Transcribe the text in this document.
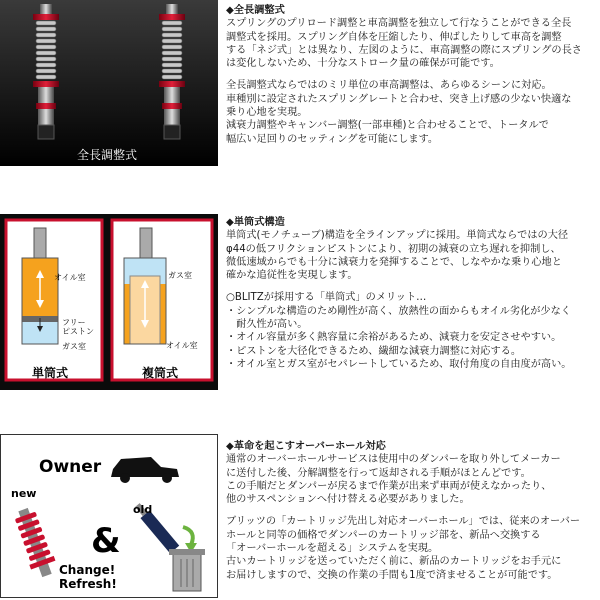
全長調整式

◆全長調整式

スプリングのプリロード調整と車高調整を独立して行なうことができる全長

調整式を採用。スプリング自体を圧縮したり、伸ばしたりして車高を調整

する「ネジ式」とは異なり、左図のように、車高調整の際にスプリングの長さ

は変化しないため、十分なストローク量の確保が可能です。

全長調整式ならではのミリ単位の車高調整は、あらゆるシーンに対応。

車種別に設定されたスプリングレートと合わせ、突き上げ感の少ない快適な

乗り心地を実現。

減衰力調整やキャンバー調整(一部車種)と合わせることで、トータルで

幅広い足回りのセッティングを可能にします。

オイル室
フリー
ピストン
ガス室
ガス室
オイル室
単筒式	複筒式

◆単筒式構造

単筒式(モノチューブ)構造を全ラインアップに採用。単筒式ならではの大径

φ44の低フリクションピストンにより、初期の減衰の立ち遅れを抑制し、

微低速域からでも十分に減衰力を発揮することで、しなやかな乗り心地と

確かな追従性を実現します。

○BLITZが採用する「単筒式」のメリット…

・シンプルな構造のため剛性が高く、放熱性の面からもオイル劣化が少なく

　耐久性が高い。

・オイル容量が多く熱容量に余裕があるため、減衰力を安定させやすい。

・ピストンを大径化できるため、繊細な減衰力調整に対応する。

・オイル室とガス室がセパレートしているため、取付角度の自由度が高い。

Owner
new
old
&
Change!
Refresh!

◆革命を起こすオーバーホール対応

通常のオーバーホールサービスは使用中のダンパーを取り外してメーカー

に送付した後、分解調整を行って返却される手順がほとんどです。

この手順だとダンパーが戻るまで作業が出来ず車両が使えなかったり、

他のサスペンションへ付け替える必要がありました。

ブリッツの「カートリッジ先出し対応オーバーホール」では、従来のオーバー

ホールと同等の価格でダンパーのカートリッジ部を、新品へ交換する

「オーバーホールを超える」システムを実現。

古いカートリッジを送っていただく前に、新品のカートリッジをお手元に

お届けしますので、交換の作業の手間も1度で済ませることが可能です。
